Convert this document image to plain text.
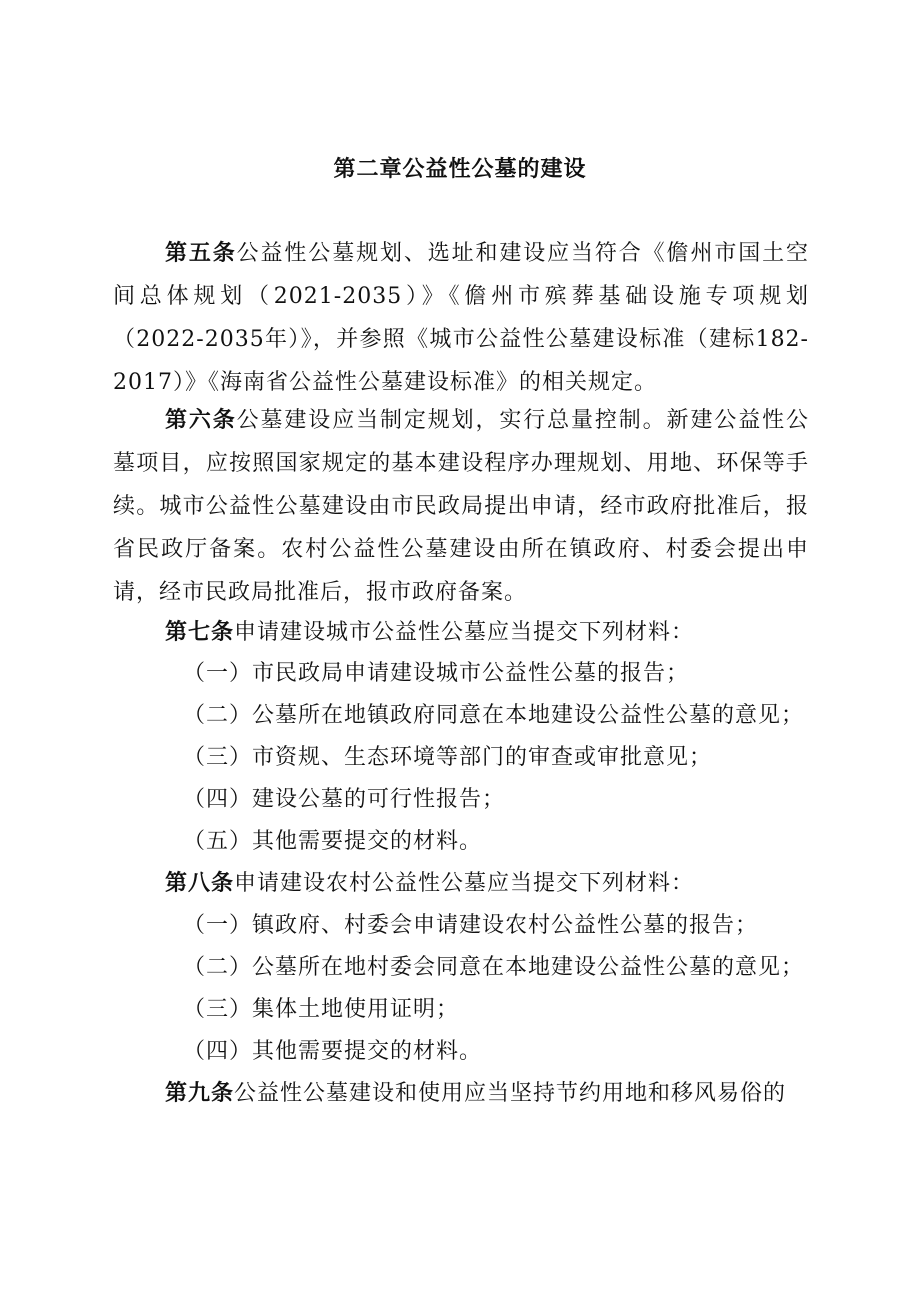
第二章公益性公墓的建设

第五条公益性公墓规划、选址和建设应当符合《儋州市国土空间总体规划（2021-2035）》《儋州市殡葬基础设施专项规划（2022-2035年）》，并参照《城市公益性公墓建设标准（建标182-2017）》《海南省公益性公墓建设标准》的相关规定。

第六条公墓建设应当制定规划，实行总量控制。新建公益性公墓项目，应按照国家规定的基本建设程序办理规划、用地、环保等手续。城市公益性公墓建设由市民政局提出申请，经市政府批准后，报省民政厅备案。农村公益性公墓建设由所在镇政府、村委会提出申请，经市民政局批准后，报市政府备案。

第七条申请建设城市公益性公墓应当提交下列材料：

（一）市民政局申请建设城市公益性公墓的报告；

（二）公墓所在地镇政府同意在本地建设公益性公墓的意见；

（三）市资规、生态环境等部门的审查或审批意见；

（四）建设公墓的可行性报告；

（五）其他需要提交的材料。

第八条申请建设农村公益性公墓应当提交下列材料：

（一）镇政府、村委会申请建设农村公益性公墓的报告；

（二）公墓所在地村委会同意在本地建设公益性公墓的意见；

（三）集体土地使用证明；

（四）其他需要提交的材料。

第九条公益性公墓建设和使用应当坚持节约用地和移风易俗的
